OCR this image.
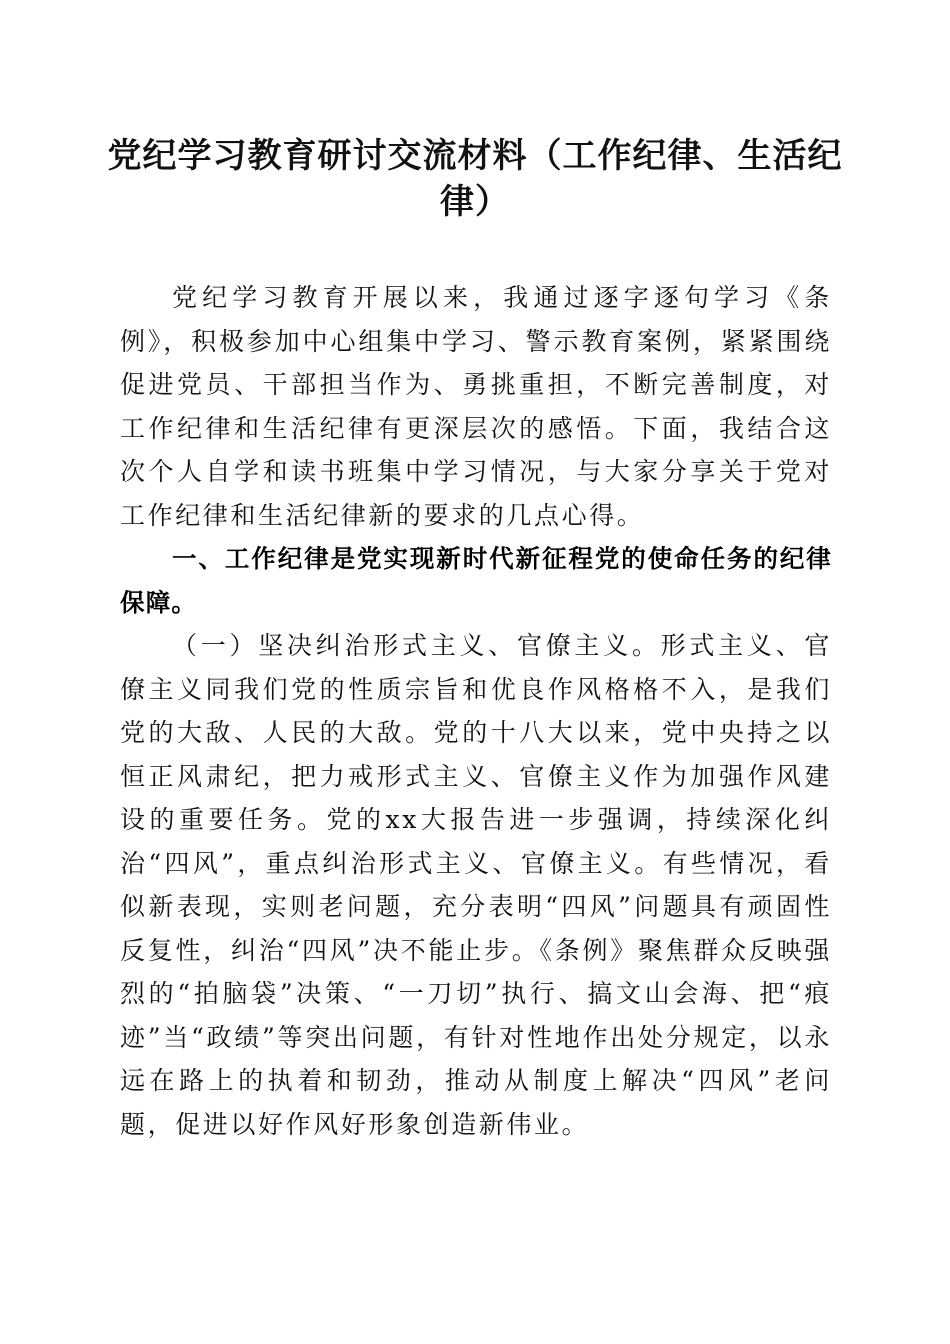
党纪学习教育研讨交流材料（工作纪律、生活纪律）

党纪学习教育开展以来，我通过逐字逐句学习《条例》，积极参加中心组集中学习、警示教育案例，紧紧围绕促进党员、干部担当作为、勇挑重担，不断完善制度，对工作纪律和生活纪律有更深层次的感悟。下面，我结合这次个人自学和读书班集中学习情况，与大家分享关于党对工作纪律和生活纪律新的要求的几点心得。

一、工作纪律是党实现新时代新征程党的使命任务的纪律保障。

（一）坚决纠治形式主义、官僚主义。形式主义、官僚主义同我们党的性质宗旨和优良作风格格不入，是我们党的大敌、人民的大敌。党的十八大以来，党中央持之以恒正风肃纪，把力戒形式主义、官僚主义作为加强作风建设的重要任务。党的xx大报告进一步强调，持续深化纠治“四风”，重点纠治形式主义、官僚主义。有些情况，看似新表现，实则老问题，充分表明“四风”问题具有顽固性反复性，纠治“四风”决不能止步。《条例》聚焦群众反映强烈的“拍脑袋”决策、“一刀切”执行、搞文山会海、把“痕迹”当“政绩”等突出问题，有针对性地作出处分规定，以永远在路上的执着和韧劲，推动从制度上解决“四风”老问题，促进以好作风好形象创造新伟业。
